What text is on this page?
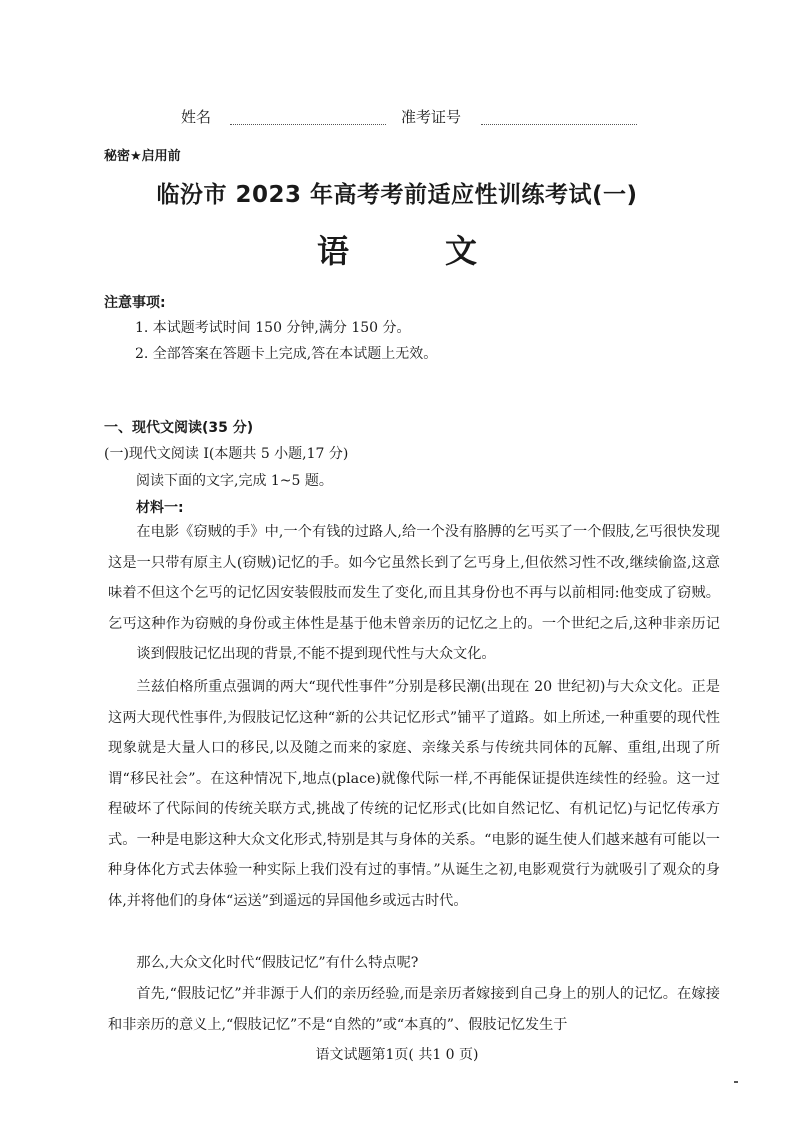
姓名	准考证号
秘密★启用前
临汾市 2023 年高考考前适应性训练考试(一)
语　　　文
注意事项:
1. 本试题考试时间 150 分钟,满分 150 分。
2. 全部答案在答题卡上完成,答在本试题上无效。
一、现代文阅读(35 分)
(一)现代文阅读 I(本题共 5 小题,17 分)
阅读下面的文字,完成 1~5 题。
材料一:
在电影《窃贼的手》中,一个有钱的过路人,给一个没有胳膊的乞丐买了一个假肢,乞丐很快发现这是一只带有原主人(窃贼)记忆的手。如今它虽然长到了乞丐身上,但依然习性不改,继续偷盗,这意味着不但这个乞丐的记忆因安装假肢而发生了变化,而且其身份也不再与以前相同:他变成了窃贼。乞丐这种作为窃贼的身份或主体性是基于他未曾亲历的记忆之上的。一个世纪之后,这种非亲历记
谈到假肢记忆出现的背景,不能不提到现代性与大众文化。
兰兹伯格所重点强调的两大“现代性事件”分别是移民潮(出现在 20 世纪初)与大众文化。正是这两大现代性事件,为假肢记忆这种“新的公共记忆形式”铺平了道路。如上所述,一种重要的现代性现象就是大量人口的移民,以及随之而来的家庭、亲缘关系与传统共同体的瓦解、重组,出现了所谓“移民社会”。在这种情况下,地点(place)就像代际一样,不再能保证提供连续性的经验。这一过程破坏了代际间的传统关联方式,挑战了传统的记忆形式(比如自然记忆、有机记忆)与记忆传承方式。一种是电影这种大众文化形式,特别是其与身体的关系。“电影的诞生使人们越来越有可能以一种身体化方式去体验一种实际上我们没有过的事情。”从诞生之初,电影观赏行为就吸引了观众的身体,并将他们的身体“运送”到遥远的异国他乡或远古时代。
那么,大众文化时代“假肢记忆”有什么特点呢?
首先,“假肢记忆”并非源于人们的亲历经验,而是亲历者嫁接到自己身上的别人的记忆。在嫁接和非亲历的意义上,“假肢记忆”不是“自然的”或“本真的”、假肢记忆发生于
语文试题第1页( 共1 0 页)
